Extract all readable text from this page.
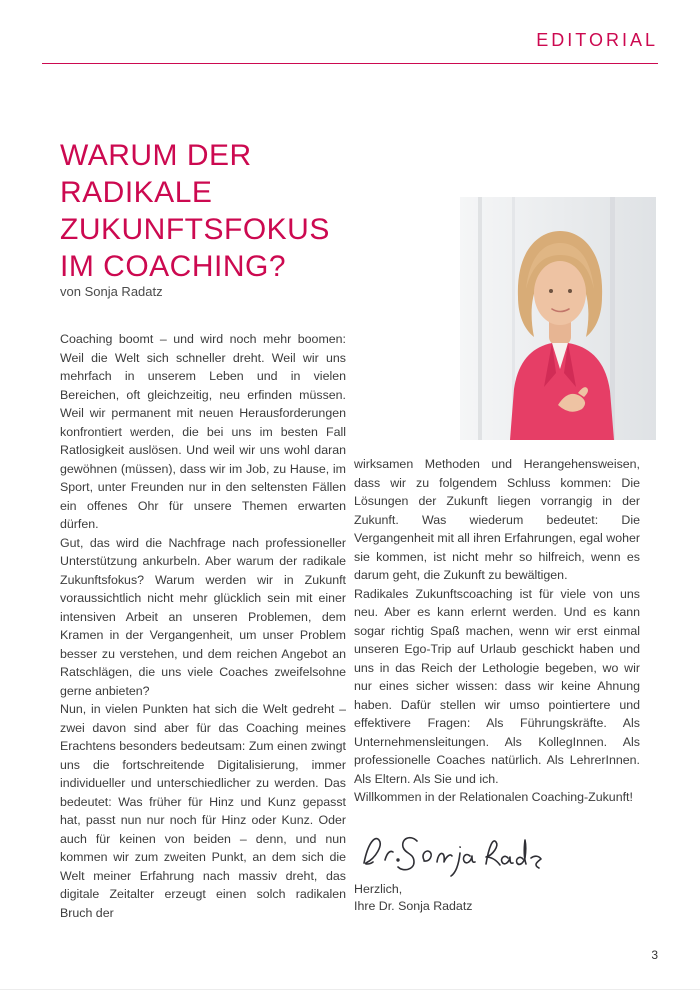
EDITORIAL
WARUM DER
RADIKALE
ZUKUNFTSFOKUS
IM COACHING?
von Sonja Radatz

Coaching boomt – und wird noch mehr boomen: Weil die Welt sich schneller dreht. Weil wir uns mehrfach in unserem Leben und in vielen Bereichen, oft gleichzeitig, neu erfinden müssen. Weil wir permanent mit neuen Herausforderungen konfrontiert werden, die bei uns im besten Fall Ratlosigkeit auslösen. Und weil wir uns wohl daran gewöhnen (müssen), dass wir im Job, zu Hause, im Sport, unter Freunden nur in den seltensten Fällen ein offenes Ohr für unsere Themen erwarten dürfen.

Gut, das wird die Nachfrage nach professioneller Unterstützung ankurbeln. Aber warum der radikale Zukunftsfokus? Warum werden wir in Zukunft voraussichtlich nicht mehr glücklich sein mit einer intensiven Arbeit an unseren Problemen, dem Kramen in der Vergangenheit, um unser Problem besser zu verstehen, und dem reichen Angebot an Ratschlägen, die uns viele Coaches zweifelsohne gerne anbieten?

Nun, in vielen Punkten hat sich die Welt gedreht – zwei davon sind aber für das Coaching meines Erachtens besonders bedeutsam: Zum einen zwingt uns die fortschreitende Digitalisierung, immer individueller und unterschiedlicher zu werden. Das bedeutet: Was früher für Hinz und Kunz gepasst hat, passt nun nur noch für Hinz oder Kunz. Oder auch für keinen von beiden – denn, und nun kommen wir zum zweiten Punkt, an dem sich die Welt meiner Erfahrung nach massiv dreht, das digitale Zeitalter erzeugt einen solch radikalen Bruch der

wirksamen Methoden und Herangehensweisen, dass wir zu folgendem Schluss kommen: Die Lösungen der Zukunft liegen vorrangig in der Zukunft. Was wiederum bedeutet: Die Vergangenheit mit all ihren Erfahrungen, egal woher sie kommen, ist nicht mehr so hilfreich, wenn es darum geht, die Zukunft zu bewältigen.

Radikales Zukunftscoaching ist für viele von uns neu. Aber es kann erlernt werden. Und es kann sogar richtig Spaß machen, wenn wir erst einmal unseren Ego-Trip auf Urlaub geschickt haben und uns in das Reich der Lethologie begeben, wo wir nur eines sicher wissen: dass wir keine Ahnung haben. Dafür stellen wir umso pointiertere und effektivere Fragen: Als Führungskräfte. Als Unternehmensleitungen. Als KollegInnen. Als professionelle Coaches natürlich. Als LehrerInnen. Als Eltern. Als Sie und ich.

Willkommen in der Relationalen Coaching-Zukunft!

Herzlich,
Ihre Dr. Sonja Radatz

3
